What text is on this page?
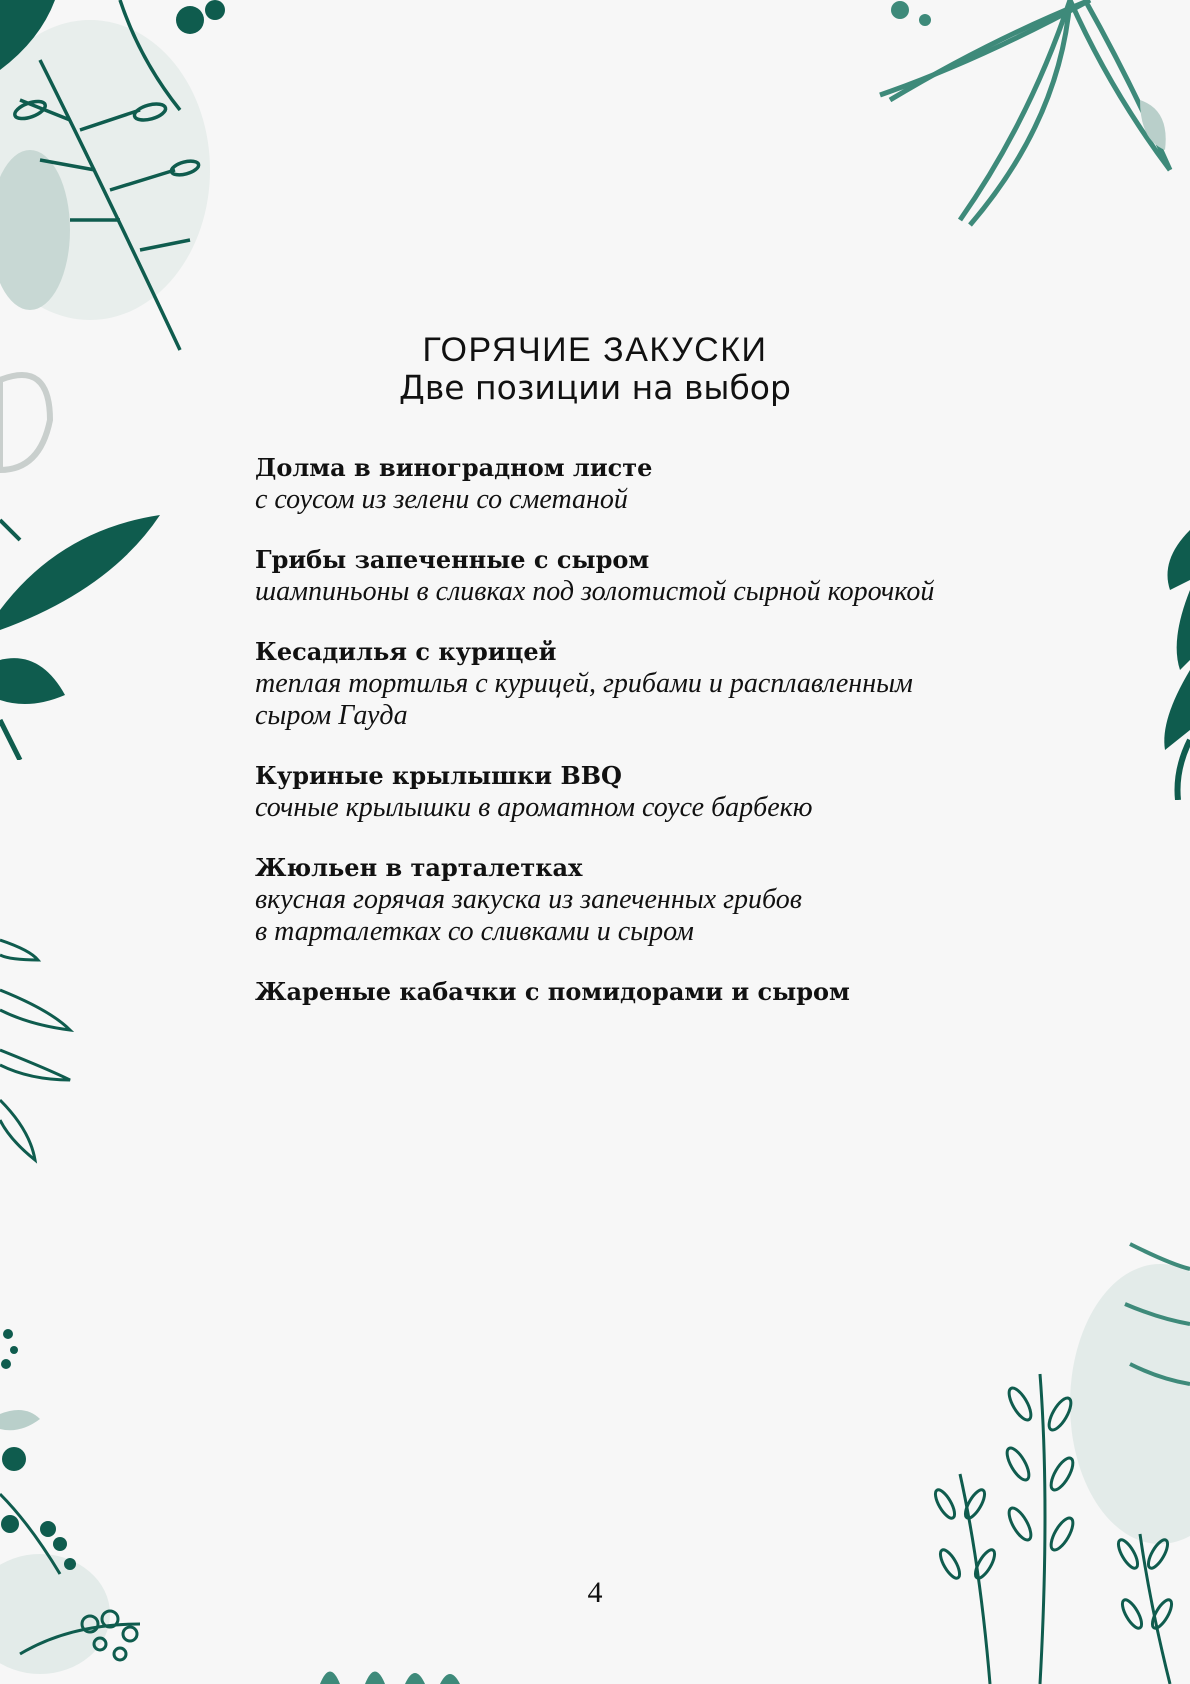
ГОРЯЧИЕ ЗАКУСКИ
Две позиции на выбор
Долма в виноградном листе
с соусом из зелени со сметаной
Грибы запеченные с сыром
шампиньоны в сливках под золотистой сырной корочкой
Кесадилья с курицей
теплая тортилья с курицей, грибами и расплавленным
сыром Гауда
Куриные крылышки BBQ
сочные крылышки в ароматном соусе барбекю
Жюльен в тарталетках
вкусная горячая закуска из запеченных грибов
в тарталетках со сливками и сыром
Жареные кабачки с помидорами и сыром
4
